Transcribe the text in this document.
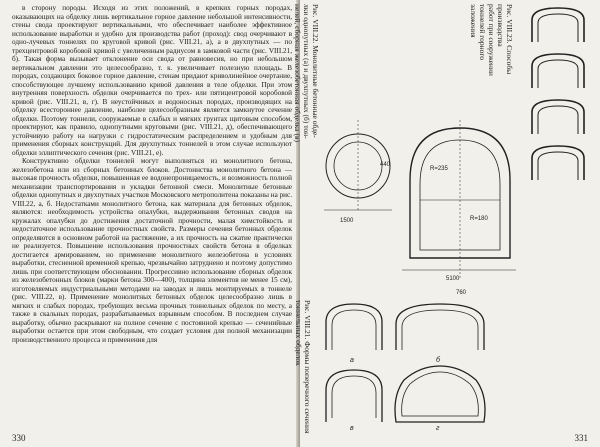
в сторону породы. Исходя из этих положений, в крепких горных породах, оказывающих на обделку лишь вертикальное горное давление небольшой интенсивности, стены свода проектируют вертикальными, что обеспечивает наиболее эффективное использование выработки и удобно для производства работ (проход): свод очерчивают в одно-лучевых тоннелях по круговой кривой (рис. VIII.21, а), а в двухпутных — по трехцентровой коробовой кривой с увеличенным радиусом в замковой части (рис. VIII.21, б). Такая форма вызывает отклонение оси свода от равновесия, но при небольшом вертикальном давлении это целесообразно, т. к. увеличивает полезную площадь. В породах, создающих боковое горное давление, стенам придают криволинейное очертание, способствующее лучшему использованию кривой давления в теле обделки. При этом внутренняя поверхность обделки очерчивается по трех- или пятицентровой коробовой кривой (рис. VIII.21, в, г). В неустойчивых и водоносных породах, производящих на обделку всестороннее давление, наиболее целесообразным является замкнутое сечение обделки. Поэтому тоннели, сооружаемые в слабых и мягких грунтах щитовым способом, проектируют, как правило, однопутными круговыми (рис. VIII.21, д), обеспечивающего устойчивую работу на нагрузки с гидростатическим распределением и удобным для применения сборных конструкций. Для двухпутных тоннелей в этом случае используют обделки эллиптического сечения (рис. VIII.21, е).

Конструктивно обделки тоннелей могут выполняться из монолитного бетона, железобетона или из сборных бетонных блоков. Достоинства монолитного бетона — высокая прочность обделки, повышенная ее водонепроницаемость, и возможность полной механизации транспортирования и укладки бетонной смеси. Монолитные бетонные обделки однопутных и двухпутных участков Московского метрополитена показаны на рис. VIII.22, а, б. Недостатками монолитного бетона, как материала для бетонных обделок, являются: необходимость устройства опалубки, выдерживания бетонных сводов на кружалах опалубки до достижения достаточной прочности, малая химстойкость и недостаточное использование прочностных свойств. Размеры сечения бетонных обделок определяются в основном работой на растяжение, а их прочность на сжатие практически не реализуется. Повышение использования прочностных свойств бетона в обделках достигается армированием, но применение монолитного железобетона в условиях выработки, стесненной временной крепью, чрезвычайно затруднено и поэтому допустимо лишь при соответствующем обосновании. Прогрессивно использование сборных обделок из железобетонных блоков (марки бетона 300—400), толщина элементов не менее 15 см), изготовляемых индустриальными методами на заводах и лишь монтируемых в тоннеле (рис. VIII.22, в). Применение монолитных бетонных обделок целесообразно лишь в мягких и слабых породах, требующих весьма прочных тоннельных обделок по месту, а также в скальных породах, разрабатываемых взрывным способом. В последнем случае выработку, обычно раскрывают на полное сечение с постоянной крепью — сеченийные выработки остается при этом свободным, что создает условия для полной механизации производственного процесса и применения для

330
1500
5100
440
R=235
R=180
760
а	б
в	г
Рис. VIII.22. Монолитные бетонные обде-
лки однопутных (а) и двухпутных (б) тон-
нелей, сборная железобетонная обделка (в)
Рис. VIII.23. Способы производства
работ при сооружении тоннелей горного
заложения
Рис. VIII.21. Формы поперечного сечения
тоннельных обделок
331
